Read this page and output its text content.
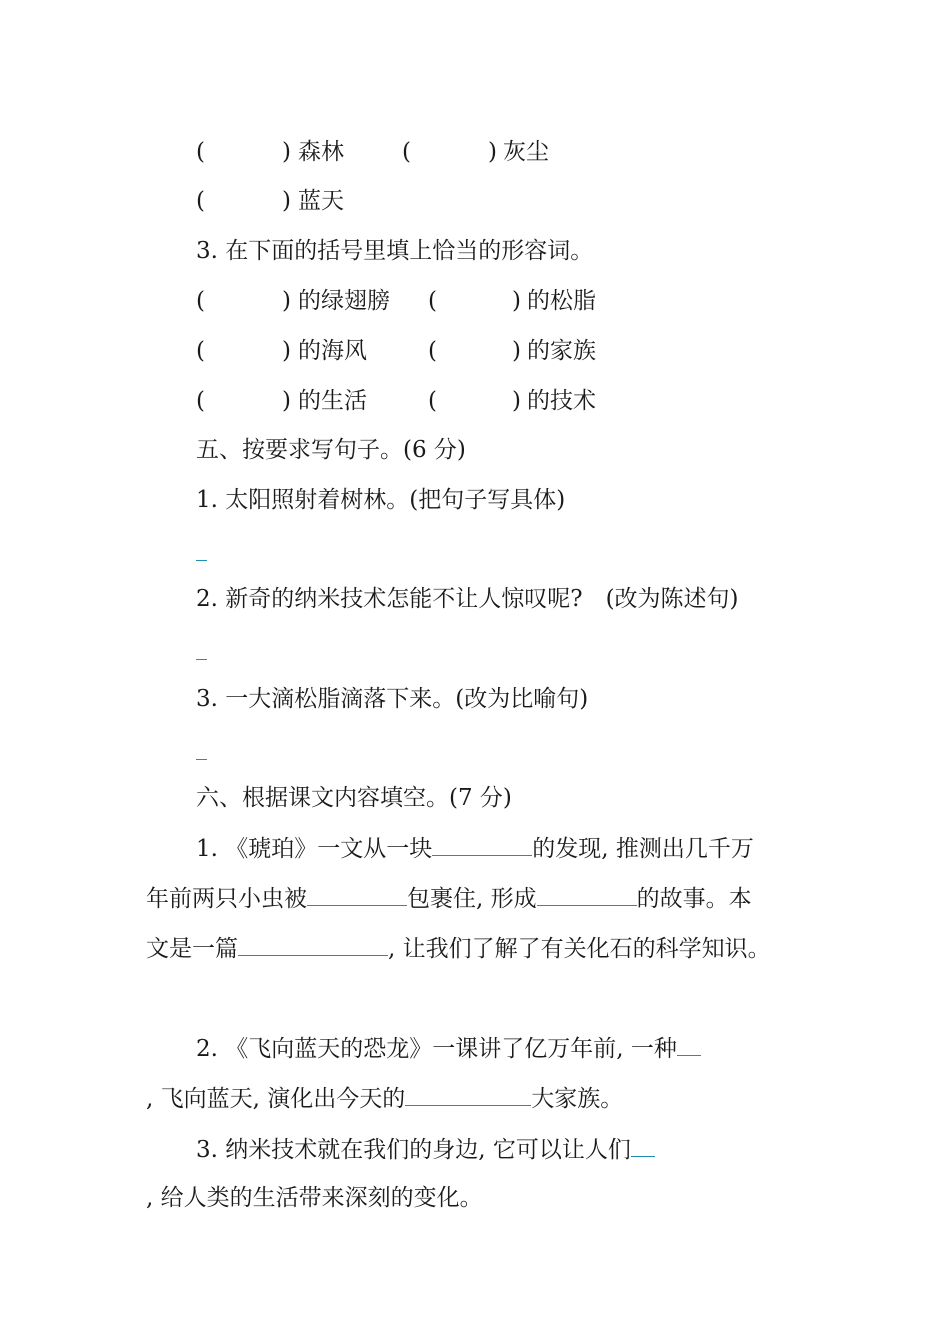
(	) 森林	(	) 灰尘
(	) 蓝天
3. 在下面的括号里填上恰当的形容词。
(	) 的绿翅膀 (	) 的松脂
(	) 的海风	(	) 的家族
(	) 的生活	(	) 的技术
五、按要求写句子。(6 分)
1. 太阳照射着树林。(把句子写具体)
2. 新奇的纳米技术怎能不让人惊叹呢?　(改为陈述句)
3. 一大滴松脂滴落下来。(改为比喻句)
六、根据课文内容填空。(7 分)
1. 《琥珀》一文从一块	的发现, 推测出几千万
年前两只小虫被	包裹住, 形成	的故事。本
文是一篇	, 让我们了解了有关化石的科学知识。
2. 《飞向蓝天的恐龙》一课讲了亿万年前, 一种
, 飞向蓝天, 演化出今天的	大家族。
3. 纳米技术就在我们的身边, 它可以让人们
, 给人类的生活带来深刻的变化。
